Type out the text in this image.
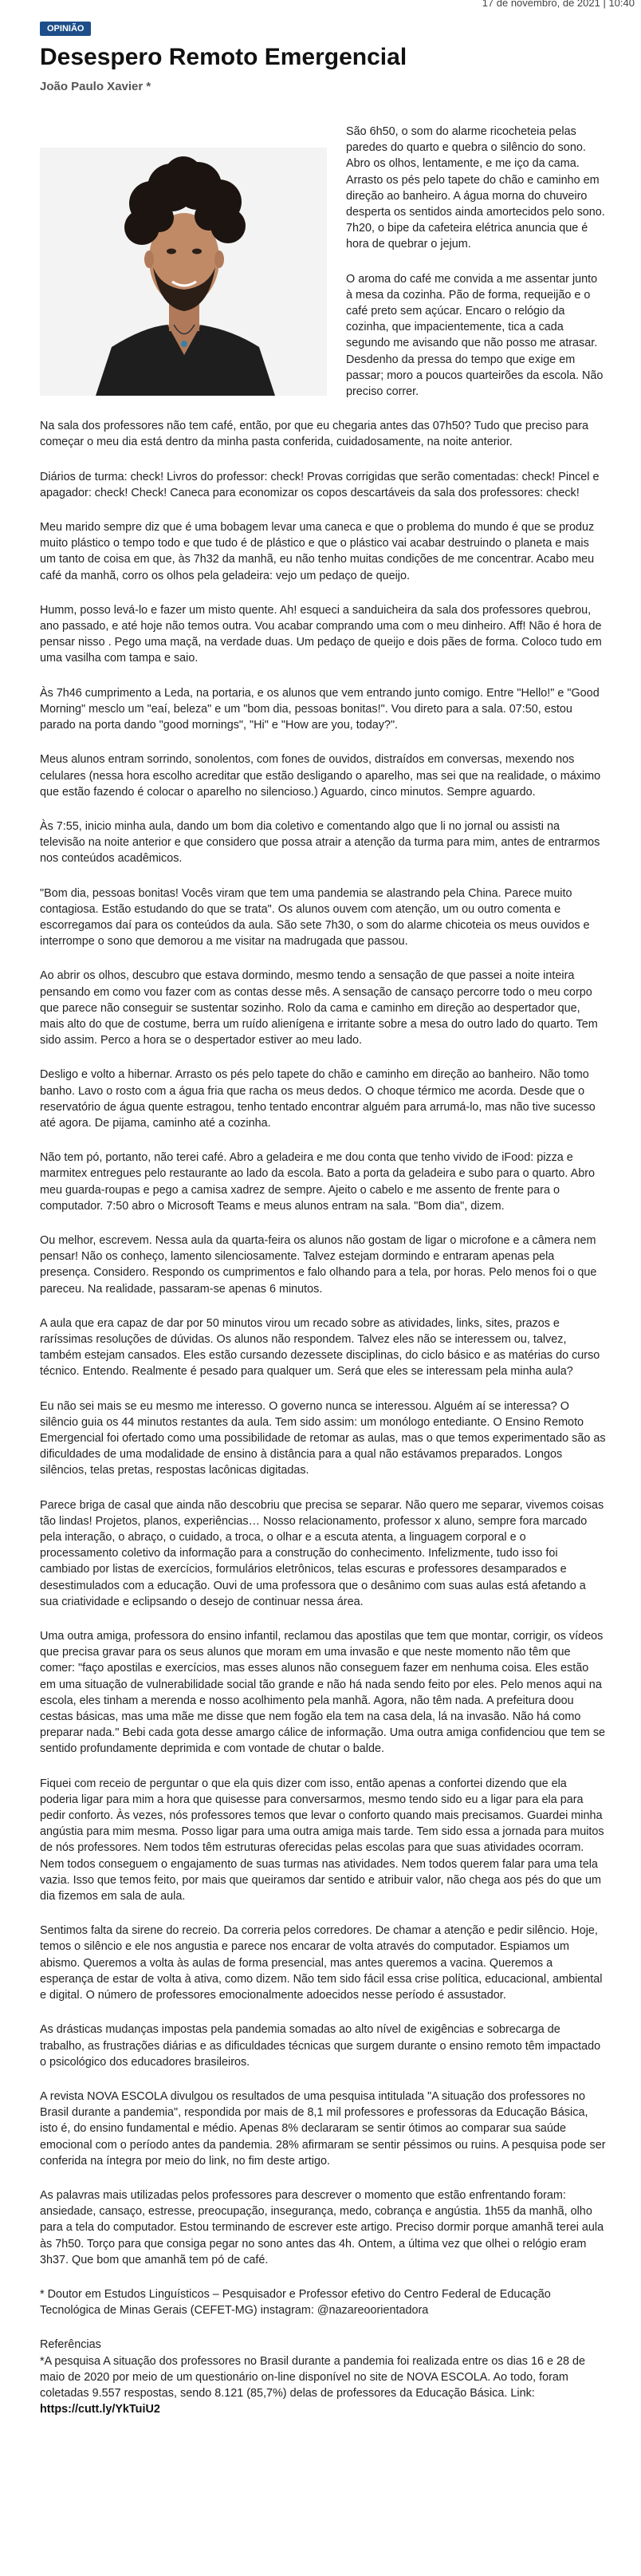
17 de novembro, de 2021 | 10:40
OPINIÃO
Desespero Remoto Emergencial
João Paulo Xavier *

São 6h50, o som do alarme ricocheteia pelas paredes do quarto e quebra o silêncio do sono. Abro os olhos, lentamente, e me iço da cama. Arrasto os pés pelo tapete do chão e caminho em direção ao banheiro. A água morna do chuveiro desperta os sentidos ainda amortecidos pelo sono. 7h20, o bipe da cafeteira elétrica anuncia que é hora de quebrar o jejum.

O aroma do café me convida a me assentar junto à mesa da cozinha. Pão de forma, requeijão e o café preto sem açúcar. Encaro o relógio da cozinha, que impacientemente, tica a cada segundo me avisando que não posso me atrasar. Desdenho da pressa do tempo que exige em passar; moro a poucos quarteirões da escola. Não preciso correr.

Na sala dos professores não tem café, então, por que eu chegaria antes das 07h50? Tudo que preciso para começar o meu dia está dentro da minha pasta conferida, cuidadosamente, na noite anterior.

Diários de turma: check! Livros do professor: check! Provas corrigidas que serão comentadas: check! Pincel e apagador: check! Check! Caneca para economizar os copos descartáveis da sala dos professores: check!

Meu marido sempre diz que é uma bobagem levar uma caneca e que o problema do mundo é que se produz muito plástico o tempo todo e que tudo é de plástico e que o plástico vai acabar destruindo o planeta e mais um tanto de coisa em que, às 7h32 da manhã, eu não tenho muitas condições de me concentrar. Acabo meu café da manhã, corro os olhos pela geladeira: vejo um pedaço de queijo.

Humm, posso levá-lo e fazer um misto quente. Ah! esqueci a sanduicheira da sala dos professores quebrou, ano passado, e até hoje não temos outra. Vou acabar comprando uma com o meu dinheiro. Aff! Não é hora de pensar nisso . Pego uma maçã, na verdade duas. Um pedaço de queijo e dois pães de forma. Coloco tudo em uma vasilha com tampa e saio.

Às 7h46 cumprimento a Leda, na portaria, e os alunos que vem entrando junto comigo. Entre "Hello!" e "Good Morning" mesclo um "eaí, beleza" e um "bom dia, pessoas bonitas!". Vou direto para a sala. 07:50, estou parado na porta dando "good mornings", "Hi" e "How are you, today?".

Meus alunos entram sorrindo, sonolentos, com fones de ouvidos, distraídos em conversas, mexendo nos celulares (nessa hora escolho acreditar que estão desligando o aparelho, mas sei que na realidade, o máximo que estão fazendo é colocar o aparelho no silencioso.) Aguardo, cinco minutos. Sempre aguardo.

Às 7:55, inicio minha aula, dando um bom dia coletivo e comentando algo que li no jornal ou assisti na televisão na noite anterior e que considero que possa atrair a atenção da turma para mim, antes de entrarmos nos conteúdos acadêmicos.

"Bom dia, pessoas bonitas! Vocês viram que tem uma pandemia se alastrando pela China. Parece muito contagiosa. Estão estudando do que se trata". Os alunos ouvem com atenção, um ou outro comenta e escorregamos daí para os conteúdos da aula. São sete 7h30, o som do alarme chicoteia os meus ouvidos e interrompe o sono que demorou a me visitar na madrugada que passou.

Ao abrir os olhos, descubro que estava dormindo, mesmo tendo a sensação de que passei a noite inteira pensando em como vou fazer com as contas desse mês. A sensação de cansaço percorre todo o meu corpo que parece não conseguir se sustentar sozinho. Rolo da cama e caminho em direção ao despertador que, mais alto do que de costume, berra um ruído alienígena e irritante sobre a mesa do outro lado do quarto. Tem sido assim. Perco a hora se o despertador estiver ao meu lado.

Desligo e volto a hibernar. Arrasto os pés pelo tapete do chão e caminho em direção ao banheiro. Não tomo banho. Lavo o rosto com a água fria que racha os meus dedos. O choque térmico me acorda. Desde que o reservatório de água quente estragou, tenho tentado encontrar alguém para arrumá-lo, mas não tive sucesso até agora. De pijama, caminho até a cozinha.

Não tem pó, portanto, não terei café. Abro a geladeira e me dou conta que tenho vivido de iFood: pizza e marmitex entregues pelo restaurante ao lado da escola. Bato a porta da geladeira e subo para o quarto. Abro meu guarda-roupas e pego a camisa xadrez de sempre. Ajeito o cabelo e me assento de frente para o computador. 7:50 abro o Microsoft Teams e meus alunos entram na sala. "Bom dia", dizem.

Ou melhor, escrevem. Nessa aula da quarta-feira os alunos não gostam de ligar o microfone e a câmera nem pensar! Não os conheço, lamento silenciosamente. Talvez estejam dormindo e entraram apenas pela presença. Considero. Respondo os cumprimentos e falo olhando para a tela, por horas. Pelo menos foi o que pareceu. Na realidade, passaram-se apenas 6 minutos.

A aula que era capaz de dar por 50 minutos virou um recado sobre as atividades, links, sites, prazos e raríssimas resoluções de dúvidas. Os alunos não respondem. Talvez eles não se interessem ou, talvez, também estejam cansados. Eles estão cursando dezessete disciplinas, do ciclo básico e as matérias do curso técnico. Entendo. Realmente é pesado para qualquer um. Será que eles se interessam pela minha aula?

Eu não sei mais se eu mesmo me interesso. O governo nunca se interessou. Alguém aí se interessa? O silêncio guia os 44 minutos restantes da aula. Tem sido assim: um monólogo entediante. O Ensino Remoto Emergencial foi ofertado como uma possibilidade de retomar as aulas, mas o que temos experimentado são as dificuldades de uma modalidade de ensino à distância para a qual não estávamos preparados. Longos silêncios, telas pretas, respostas lacônicas digitadas.

Parece briga de casal que ainda não descobriu que precisa se separar. Não quero me separar, vivemos coisas tão lindas! Projetos, planos, experiências… Nosso relacionamento, professor x aluno, sempre fora marcado pela interação, o abraço, o cuidado, a troca, o olhar e a escuta atenta, a linguagem corporal e o processamento coletivo da informação para a construção do conhecimento. Infelizmente, tudo isso foi cambiado por listas de exercícios, formulários eletrônicos, telas escuras e professores desamparados e desestimulados com a educação. Ouvi de uma professora que o desânimo com suas aulas está afetando a sua criatividade e eclipsando o desejo de continuar nessa área.

Uma outra amiga, professora do ensino infantil, reclamou das apostilas que tem que montar, corrigir, os vídeos que precisa gravar para os seus alunos que moram em uma invasão e que neste momento não têm que comer: "faço apostilas e exercícios, mas esses alunos não conseguem fazer em nenhuma coisa. Eles estão em uma situação de vulnerabilidade social tão grande e não há nada sendo feito por eles. Pelo menos aqui na escola, eles tinham a merenda e nosso acolhimento pela manhã. Agora, não têm nada. A prefeitura doou cestas básicas, mas uma mãe me disse que nem fogão ela tem na casa dela, lá na invasão. Não há como preparar nada." Bebi cada gota desse amargo cálice de informação. Uma outra amiga confidenciou que tem se sentido profundamente deprimida e com vontade de chutar o balde.

Fiquei com receio de perguntar o que ela quis dizer com isso, então apenas a confortei dizendo que ela poderia ligar para mim a hora que quisesse para conversarmos, mesmo tendo sido eu a ligar para ela para pedir conforto. Às vezes, nós professores temos que levar o conforto quando mais precisamos. Guardei minha angústia para mim mesma. Posso ligar para uma outra amiga mais tarde. Tem sido essa a jornada para muitos de nós professores. Nem todos têm estruturas oferecidas pelas escolas para que suas atividades ocorram. Nem todos conseguem o engajamento de suas turmas nas atividades. Nem todos querem falar para uma tela vazia. Isso que temos feito, por mais que queiramos dar sentido e atribuir valor, não chega aos pés do que um dia fizemos em sala de aula.

Sentimos falta da sirene do recreio. Da correria pelos corredores. De chamar a atenção e pedir silêncio. Hoje, temos o silêncio e ele nos angustia e parece nos encarar de volta através do computador. Espiamos um abismo. Queremos a volta às aulas de forma presencial, mas antes queremos a vacina. Queremos a esperança de estar de volta à ativa, como dizem. Não tem sido fácil essa crise política, educacional, ambiental e digital. O número de professores emocionalmente adoecidos nesse período é assustador.

As drásticas mudanças impostas pela pandemia somadas ao alto nível de exigências e sobrecarga de trabalho, as frustrações diárias e as dificuldades técnicas que surgem durante o ensino remoto têm impactado o psicológico dos educadores brasileiros.

A revista NOVA ESCOLA divulgou os resultados de uma pesquisa intitulada "A situação dos professores no Brasil durante a pandemia", respondida por mais de 8,1 mil professores e professoras da Educação Básica, isto é, do ensino fundamental e médio. Apenas 8% declararam se sentir ótimos ao comparar sua saúde emocional com o período antes da pandemia. 28% afirmaram se sentir péssimos ou ruins. A pesquisa pode ser conferida na íntegra por meio do link, no fim deste artigo.

As palavras mais utilizadas pelos professores para descrever o momento que estão enfrentando foram: ansiedade, cansaço, estresse, preocupação, insegurança, medo, cobrança e angústia. 1h55 da manhã, olho para a tela do computador. Estou terminando de escrever este artigo. Preciso dormir porque amanhã terei aula às 7h50. Torço para que consiga pegar no sono antes das 4h. Ontem, a última vez que olhei o relógio eram 3h37. Que bom que amanhã tem pó de café.

* Doutor em Estudos Linguísticos – Pesquisador e Professor efetivo do Centro Federal de Educação Tecnológica de Minas Gerais (CEFET-MG) instagram: @nazareoorientadora

Referências

*A pesquisa A situação dos professores no Brasil durante a pandemia foi realizada entre os dias 16 e 28 de maio de 2020 por meio de um questionário on-line disponível no site de NOVA ESCOLA. Ao todo, foram coletadas 9.557 respostas, sendo 8.121 (85,7%) delas de professores da Educação Básica. Link:

https://cutt.ly/YkTuiU2
